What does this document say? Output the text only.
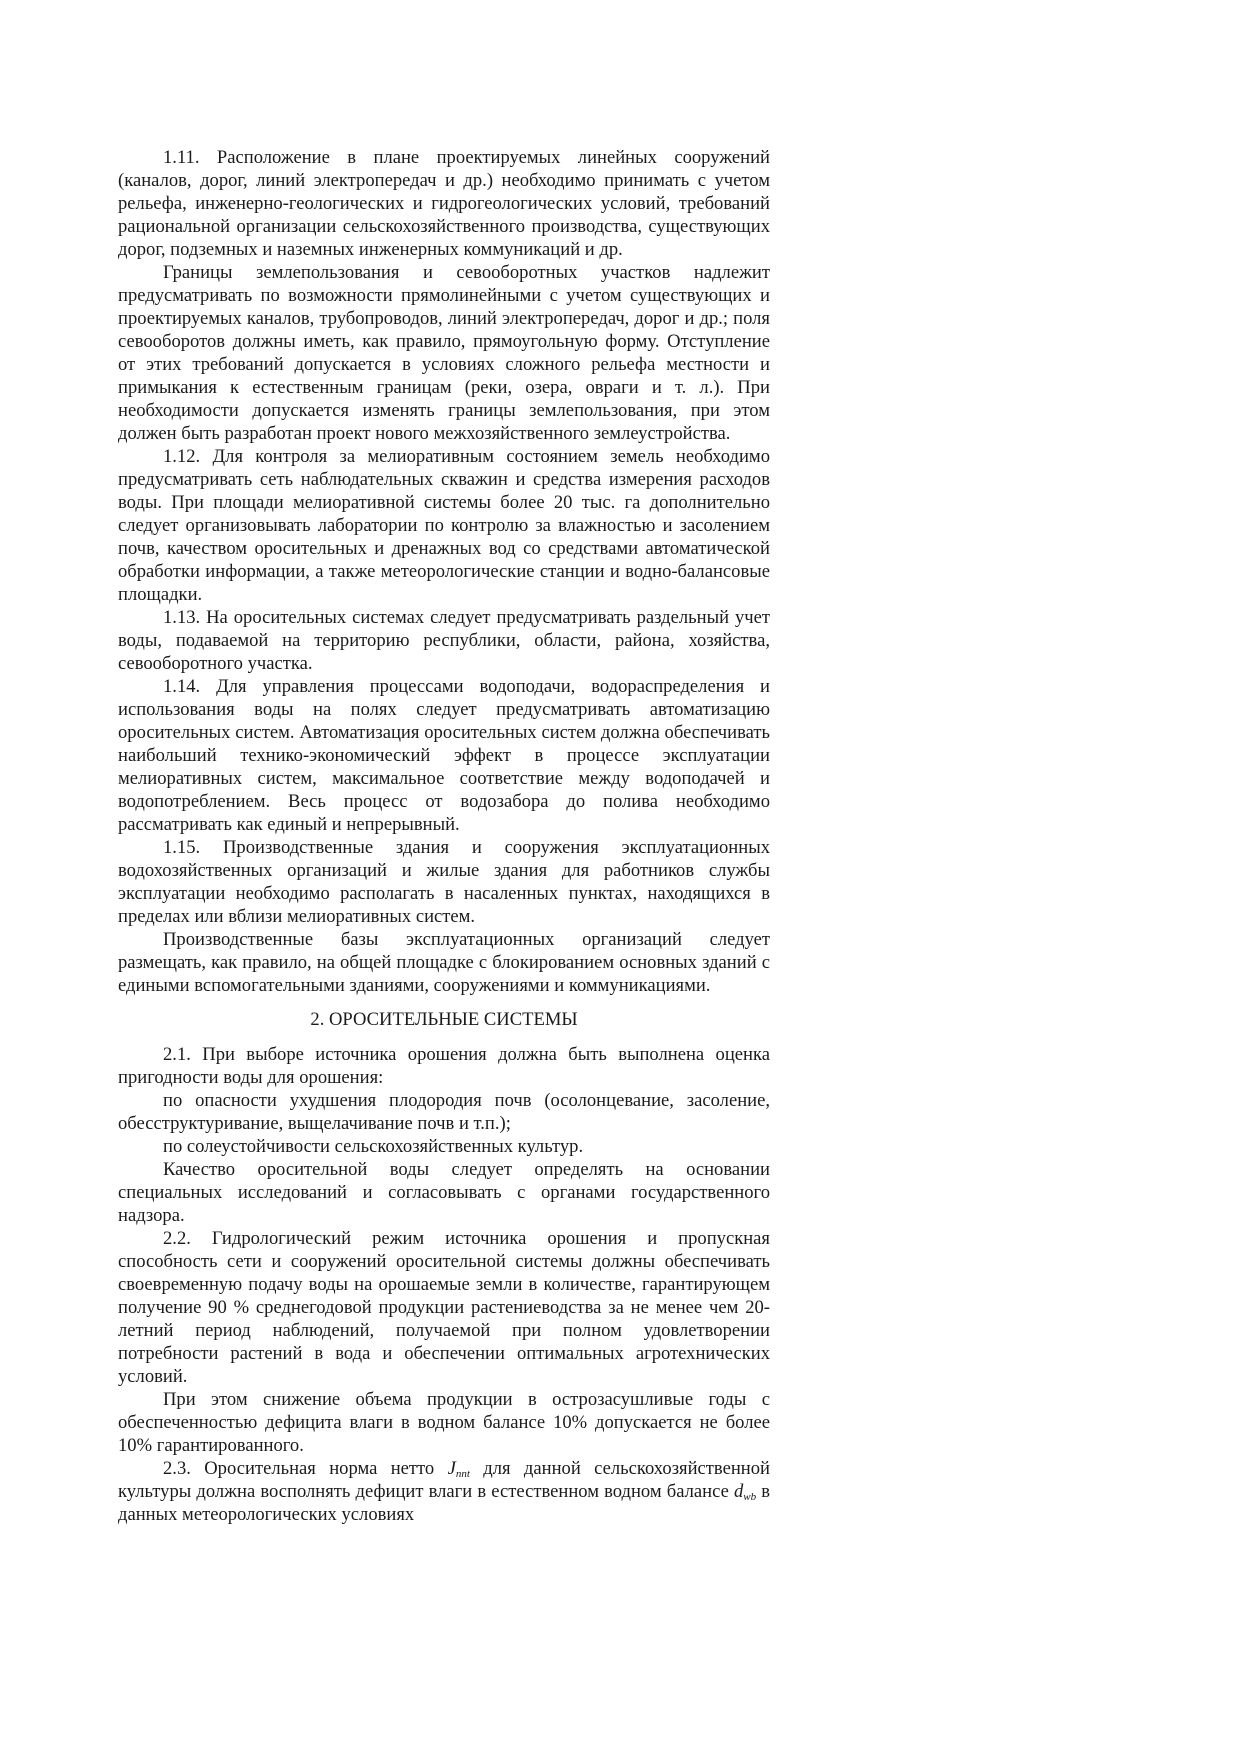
1.11. Расположение в плане проектируемых линейных сооружений (каналов, дорог, линий электропередач и др.) необходимо принимать с учетом рельефа, инженерно-геологических и гидрогеологических условий, требований рациональной организации сельскохозяйственного производства, существующих дорог, подземных и наземных инженерных коммуникаций и др.

Границы землепользования и севооборотных участков надлежит предусматривать по возможности прямолинейными с учетом существующих и проектируемых каналов, трубопроводов, линий электропередач, дорог и др.; поля севооборотов должны иметь, как правило, прямоугольную форму. Отступление от этих требований допускается в условиях сложного рельефа местности и примыкания к естественным границам (реки, озера, овраги и т. л.). При необходимости допускается изменять границы землепользования, при этом должен быть разработан проект нового межхозяйственного землеустройства.

1.12. Для контроля за мелиоративным состоянием земель необходимо предусматривать сеть наблюдательных скважин и средства измерения расходов воды. При площади мелиоративной системы более 20 тыс. га дополнительно следует организовывать лаборатории по контролю за влажностью и засолением почв, качеством оросительных и дренажных вод со средствами автоматической обработки информации, а также метеорологические станции и водно-балансовые площадки.

1.13. На оросительных системах следует предусматривать раздельный учет воды, подаваемой на территорию республики, области, района, хозяйства, севооборотного участка.

1.14. Для управления процессами водоподачи, водораспределения и использования воды на полях следует предусматривать автоматизацию оросительных систем. Автоматизация оросительных систем должна обеспечивать наибольший технико-экономический эффект в процессе эксплуатации мелиоративных систем, максимальное соответствие между водоподачей и водопотреблением. Весь процесс от водозабора до полива необходимо рассматривать как единый и непрерывный.

1.15. Производственные здания и сооружения эксплуатационных водохозяйственных организаций и жилые здания для работников службы эксплуатации необходимо располагать в насаленных пунктах, находящихся в пределах или вблизи мелиоративных систем.

Производственные базы эксплуатационных организаций следует размещать, как правило, на общей площадке с блокированием основных зданий с едиными вспомогательными зданиями, сооружениями и коммуникациями.

2. ОРОСИТЕЛЬНЫЕ СИСТЕМЫ

2.1. При выборе источника орошения должна быть выполнена оценка пригодности воды для орошения:

по опасности ухудшения плодородия почв (осолонцевание, засоление, обесструктуривание, выщелачивание почв и т.п.);

по солеустойчивости сельскохозяйственных культур.

Качество оросительной воды следует определять на основании специальных исследований и согласовывать с органами государственного надзора.

2.2. Гидрологический режим источника орошения и пропускная способность сети и сооружений оросительной системы должны обеспечивать своевременную подачу воды на орошаемые земли в количестве, гарантирующем получение 90 % среднегодовой продукции растениеводства за не менее чем 20-летний период наблюдений, получаемой при полном удовлетворении потребности растений в вода и обеспечении оптимальных агротехнических условий.

При этом снижение объема продукции в острозасушливые годы с обеспеченностью дефицита влаги в водном балансе 10% допускается не более 10% гарантированного.

2.3. Оросительная норма нетто $J_{nnt}$ для данной сельскохозяйственной культуры должна восполнять дефицит влаги в естественном водном балансе $d_{wb}$ в данных метеорологических условиях
